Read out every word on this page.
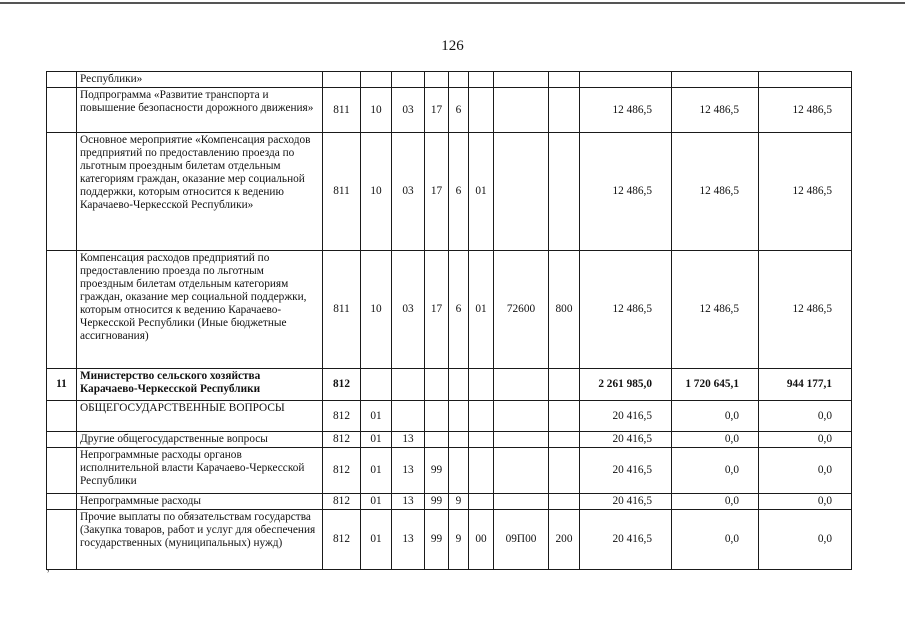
126
	Республики»											
	Подпрограмма «Развитие транспорта и повышение безопасности дорожного движения»	811	10	03	17	6				12 486,5	12 486,5	12 486,5
	Основное мероприятие «Компенсация расходов предприятий по предоставлению проезда по льготным проездным билетам отдельным категориям граждан, оказание мер социальной поддержки, которым относится к ведению Карачаево-Черкесской Республики»	811	10	03	17	6	01			12 486,5	12 486,5	12 486,5
	Компенсация расходов предприятий по предоставлению проезда по льготным проездным билетам отдельным категориям граждан, оказание мер социальной поддержки, которым относится к ведению Карачаево-Черкесской Республики (Иные бюджетные ассигнования)	811	10	03	17	6	01	72600	800	12 486,5	12 486,5	12 486,5
11	Министерство сельского хозяйства Карачаево-Черкесской Республики	812								2 261 985,0	1 720 645,1	944 177,1
	ОБЩЕГОСУДАРСТВЕННЫЕ ВОПРОСЫ	812	01							20 416,5	0,0	0,0
	Другие общегосударственные вопросы	812	01	13						20 416,5	0,0	0,0
	Непрограммные расходы органов исполнительной власти Карачаево-Черкесской Республики	812	01	13	99					20 416,5	0,0	0,0
	Непрограммные расходы	812	01	13	99	9				20 416,5	0,0	0,0
	Прочие выплаты по обязательствам государства (Закупка товаров, работ и услуг для обеспечения государственных (муниципальных) нужд)	812	01	13	99	9	00	09П00	200	20 416,5	0,0	0,0
,
